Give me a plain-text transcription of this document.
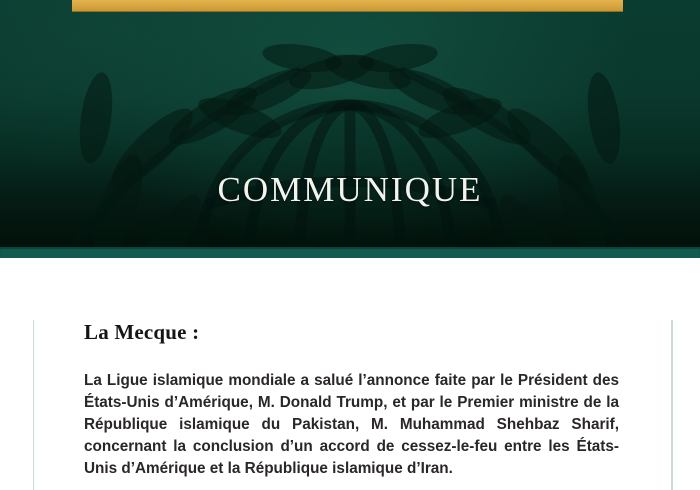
COMMUNIQUE
La Mecque :

La Ligue islamique mondiale a salué l’annonce faite par le Président des États-Unis d’Amérique, M. Donald Trump, et par le Premier ministre de la République islamique du Pakistan, M. Muhammad Shehbaz Sharif, concernant la conclusion d’un accord de cessez-le-feu entre les États-Unis d’Amérique et la République islamique d’Iran.
